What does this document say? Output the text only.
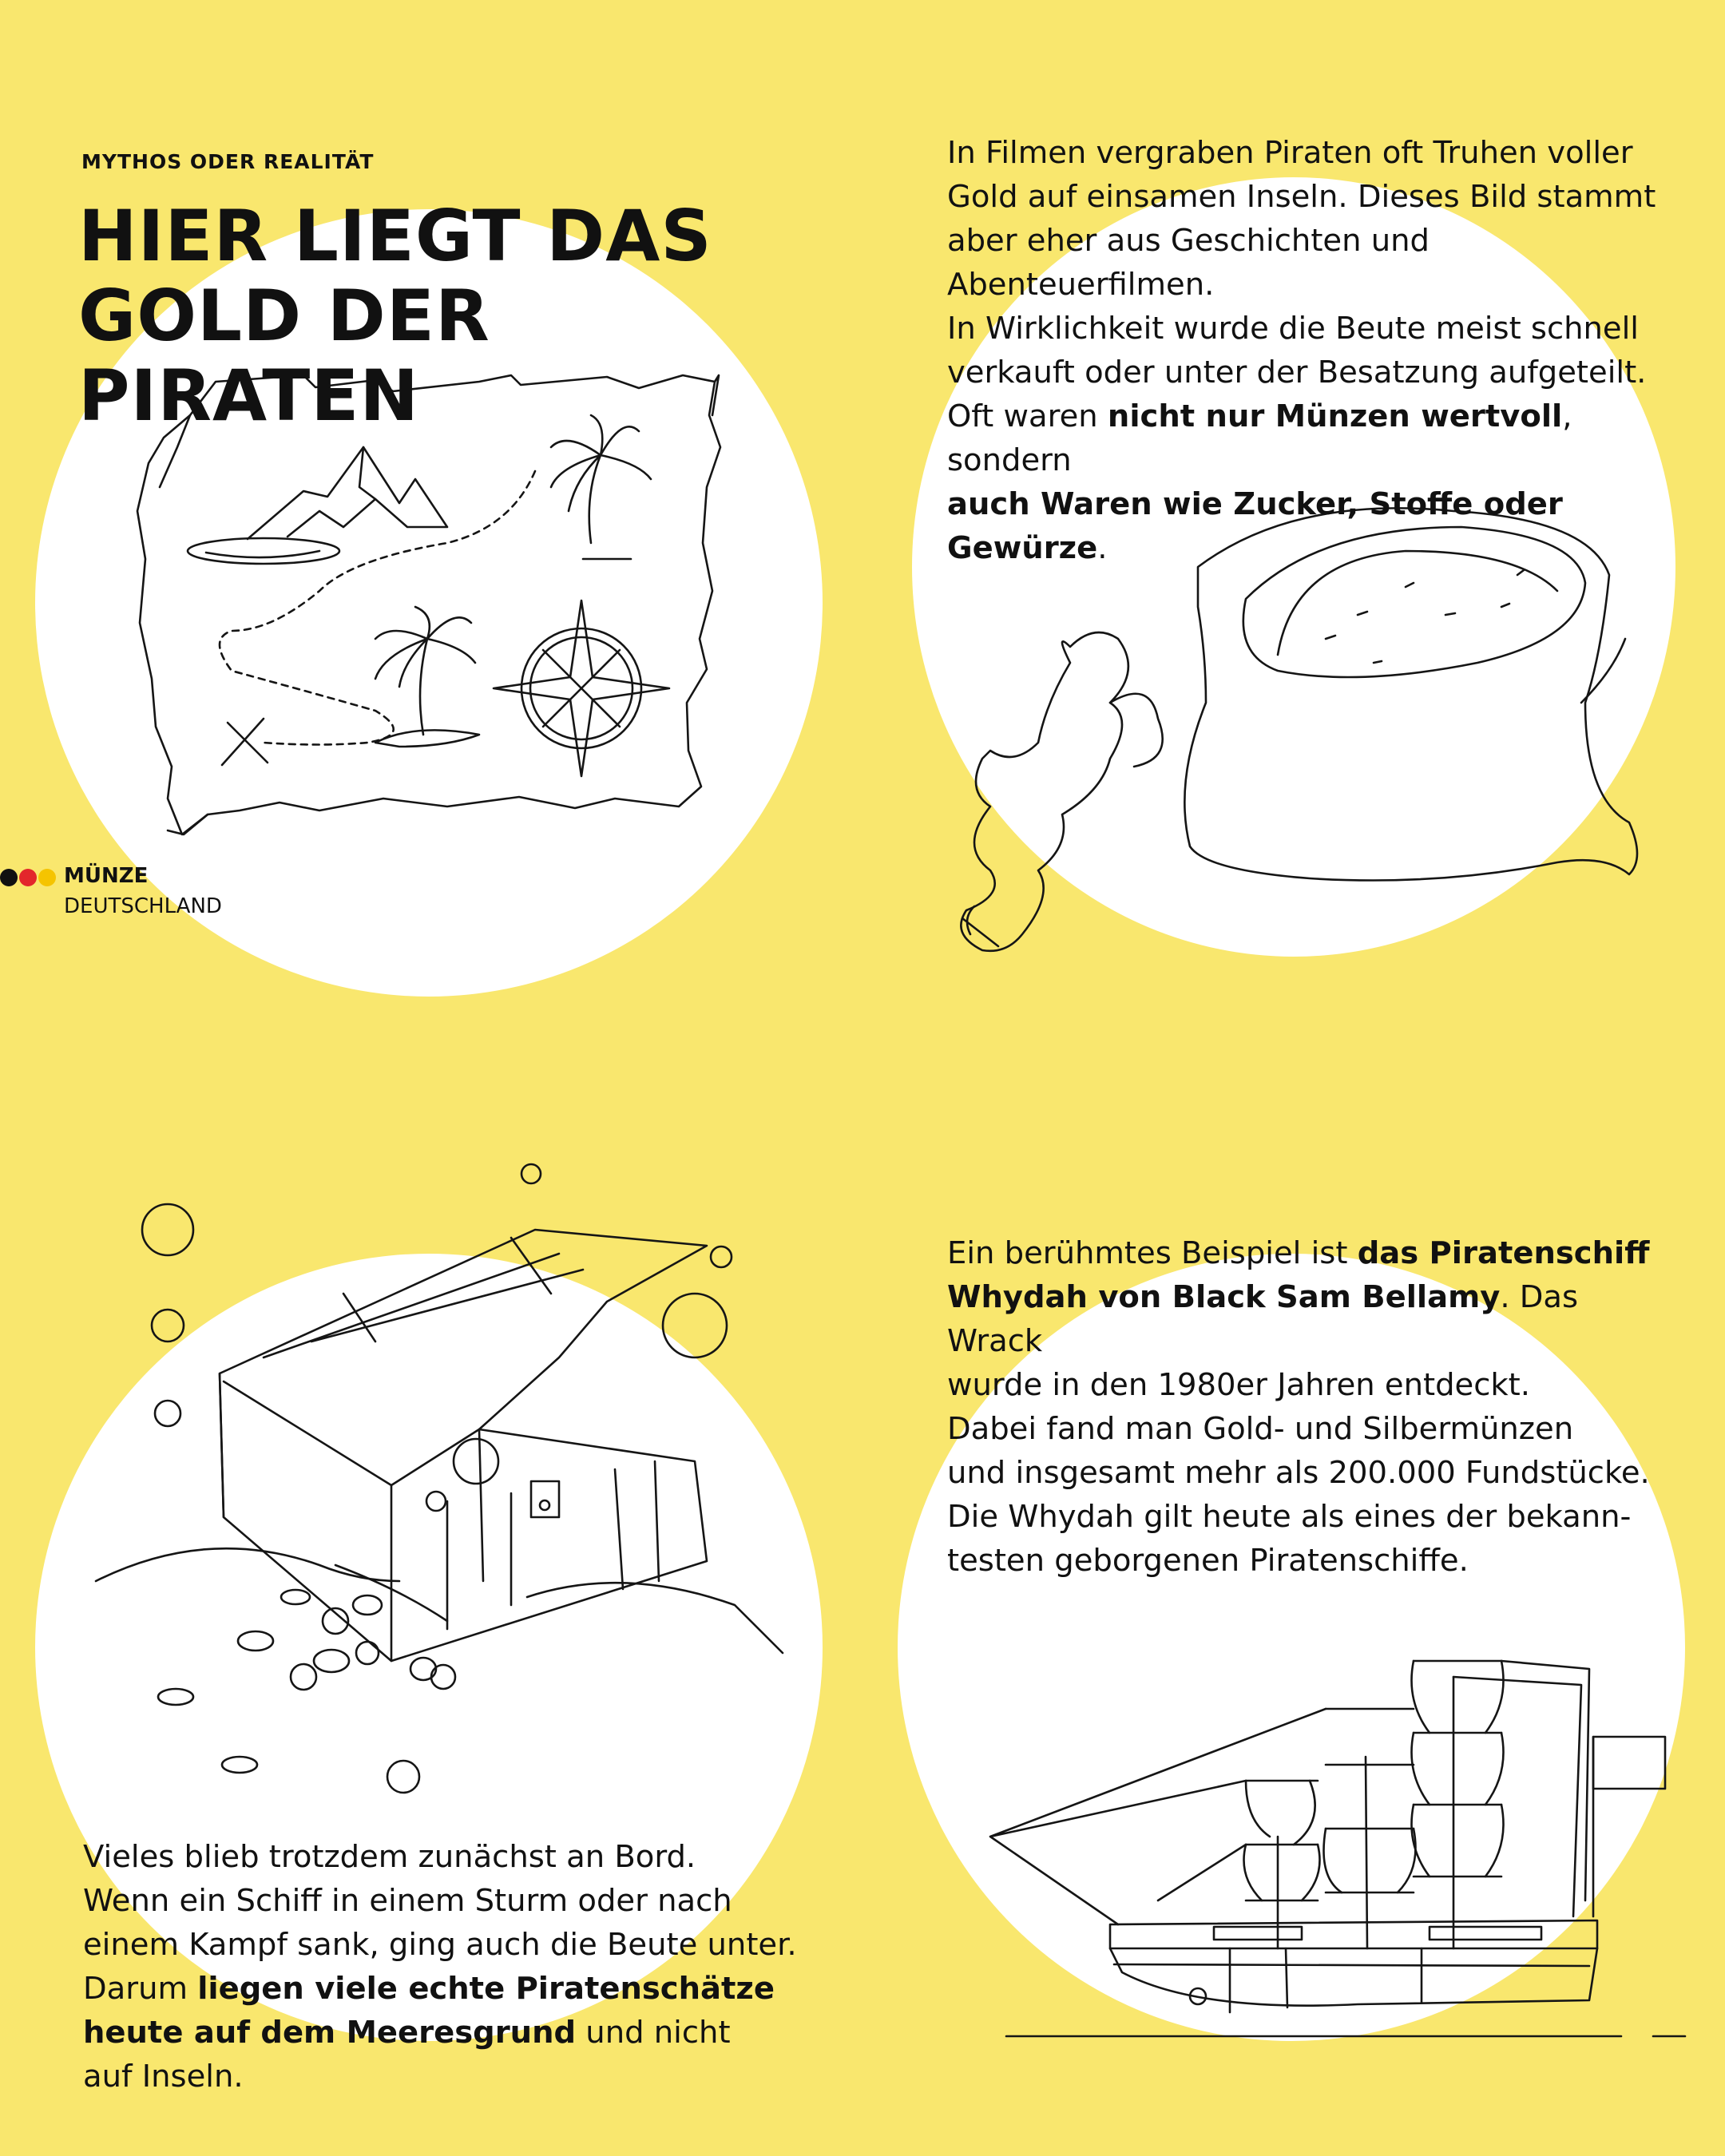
MYTHOS ODER REALITÄT
HIER LIEGT DAS
GOLD DER PIRATEN

In Filmen vergraben Piraten oft Truhen voller
Gold auf einsamen Inseln. Dieses Bild stammt
aber eher aus Geschichten und Abenteuerfilmen.
In Wirklichkeit wurde die Beute meist schnell
verkauft oder unter der Besatzung aufgeteilt.
Oft waren nicht nur Münzen wertvoll, sondern
auch Waren wie Zucker, Stoffe oder Gewürze.

Ein berühmtes Beispiel ist das Piratenschiff
Whydah von Black Sam Bellamy. Das Wrack
wurde in den 1980er Jahren entdeckt.
Dabei fand man Gold- und Silbermünzen
und insgesamt mehr als 200.000 Fundstücke.
Die Whydah gilt heute als eines der bekann-
testen geborgenen Piratenschiffe.

Vieles blieb trotzdem zunächst an Bord.
Wenn ein Schiff in einem Sturm oder nach
einem Kampf sank, ging auch die Beute unter.
Darum liegen viele echte Piratenschätze
heute auf dem Meeresgrund und nicht
auf Inseln.

MÜNZE
DEUTSCHLAND
